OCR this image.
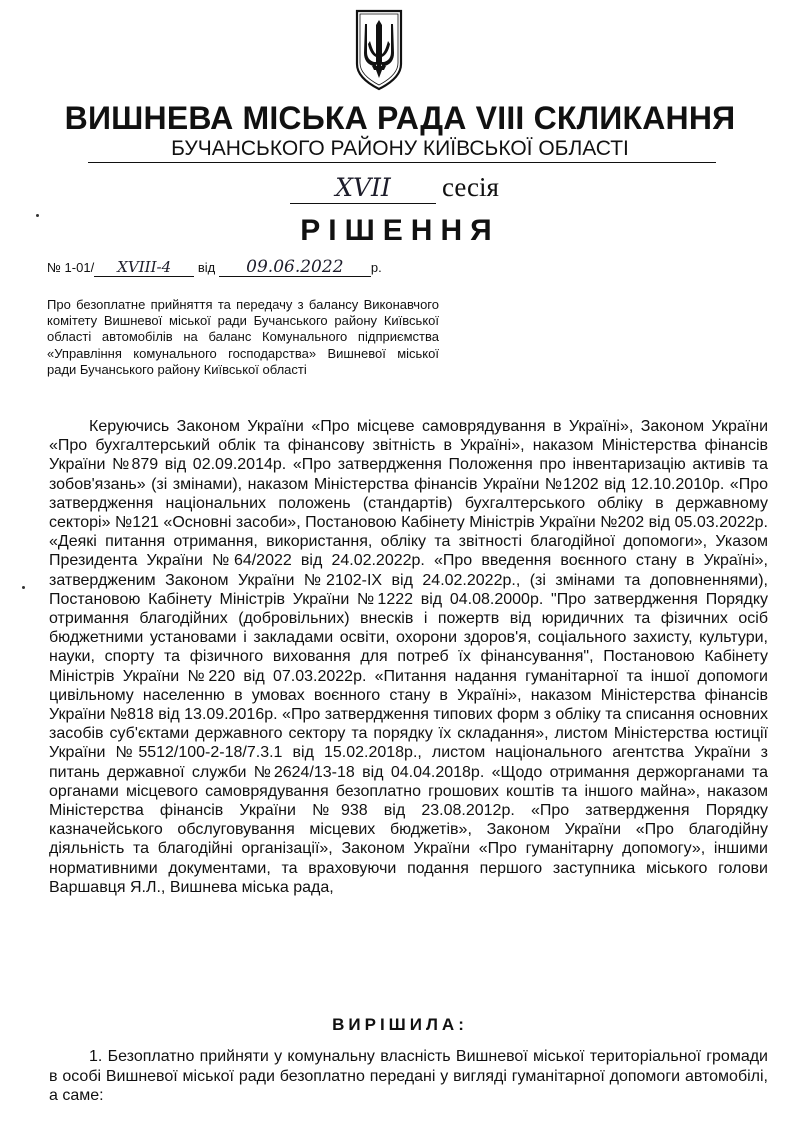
ВИШНЕВА МІСЬКА РАДА VIII СКЛИКАННЯ
БУЧАНСЬКОГО РАЙОНУ КИЇВСЬКОЇ ОБЛАСТІ
XVII сесія
РІШЕННЯ
№ 1-01/ XVIII-4 від 09.06.2022 р.

Про безоплатне прийняття та передачу з балансу Виконавчого комітету Вишневої міської ради Бучанського району Київської області автомобілів на баланс Комунального підприємства «Управління комунального господарства» Вишневої міської ради Бучанського району Київської області

Керуючись Законом України «Про місцеве самоврядування в Україні», Законом України «Про бухгалтерський облік та фінансову звітність в Україні», наказом Міністерства фінансів України №879 від 02.09.2014р. «Про затвердження Положення про інвентаризацію активів та зобов'язань» (зі змінами), наказом Міністерства фінансів України №1202 від 12.10.2010р. «Про затвердження національних положень (стандартів) бухгалтерського обліку в державному секторі» №121 «Основні засоби», Постановою Кабінету Міністрів України №202 від 05.03.2022р. «Деякі питання отримання, використання, обліку та звітності благодійної допомоги», Указом Президента України №64/2022 від 24.02.2022р. «Про введення воєнного стану в Україні», затвердженим Законом України №2102-IX від 24.02.2022р., (зі змінами та доповненнями), Постановою Кабінету Міністрів України №1222 від 04.08.2000р. "Про затвердження Порядку отримання благодійних (добровільних) внесків і пожертв від юридичних та фізичних осіб бюджетними установами і закладами освіти, охорони здоров'я, соціального захисту, культури, науки, спорту та фізичного виховання для потреб їх фінансування", Постановою Кабінету Міністрів України №220 від 07.03.2022р. «Питання надання гуманітарної та іншої допомоги цивільному населенню в умовах воєнного стану в Україні», наказом Міністерства фінансів України №818 від 13.09.2016р. «Про затвердження типових форм з обліку та списання основних засобів суб'єктами державного сектору та порядку їх складання», листом Міністерства юстиції України №5512/100-2-18/7.3.1 від 15.02.2018р., листом національного агентства України з питань державної служби №2624/13-18 від 04.04.2018р. «Щодо отримання держорганами та органами місцевого самоврядування безоплатно грошових коштів та іншого майна», наказом Міністерства фінансів України №938 від 23.08.2012р. «Про затвердження Порядку казначейського обслуговування місцевих бюджетів», Законом України «Про благодійну діяльність та благодійні організації», Законом України «Про гуманітарну допомогу», іншими нормативними документами, та враховуючи подання першого заступника міського голови Варшавця Я.Л., Вишнева міська рада,

ВИРІШИЛА:

1. Безоплатно прийняти у комунальну власність Вишневої міської територіальної громади в особі Вишневої міської ради безоплатно передані у вигляді гуманітарної допомоги автомобілі, а саме:
